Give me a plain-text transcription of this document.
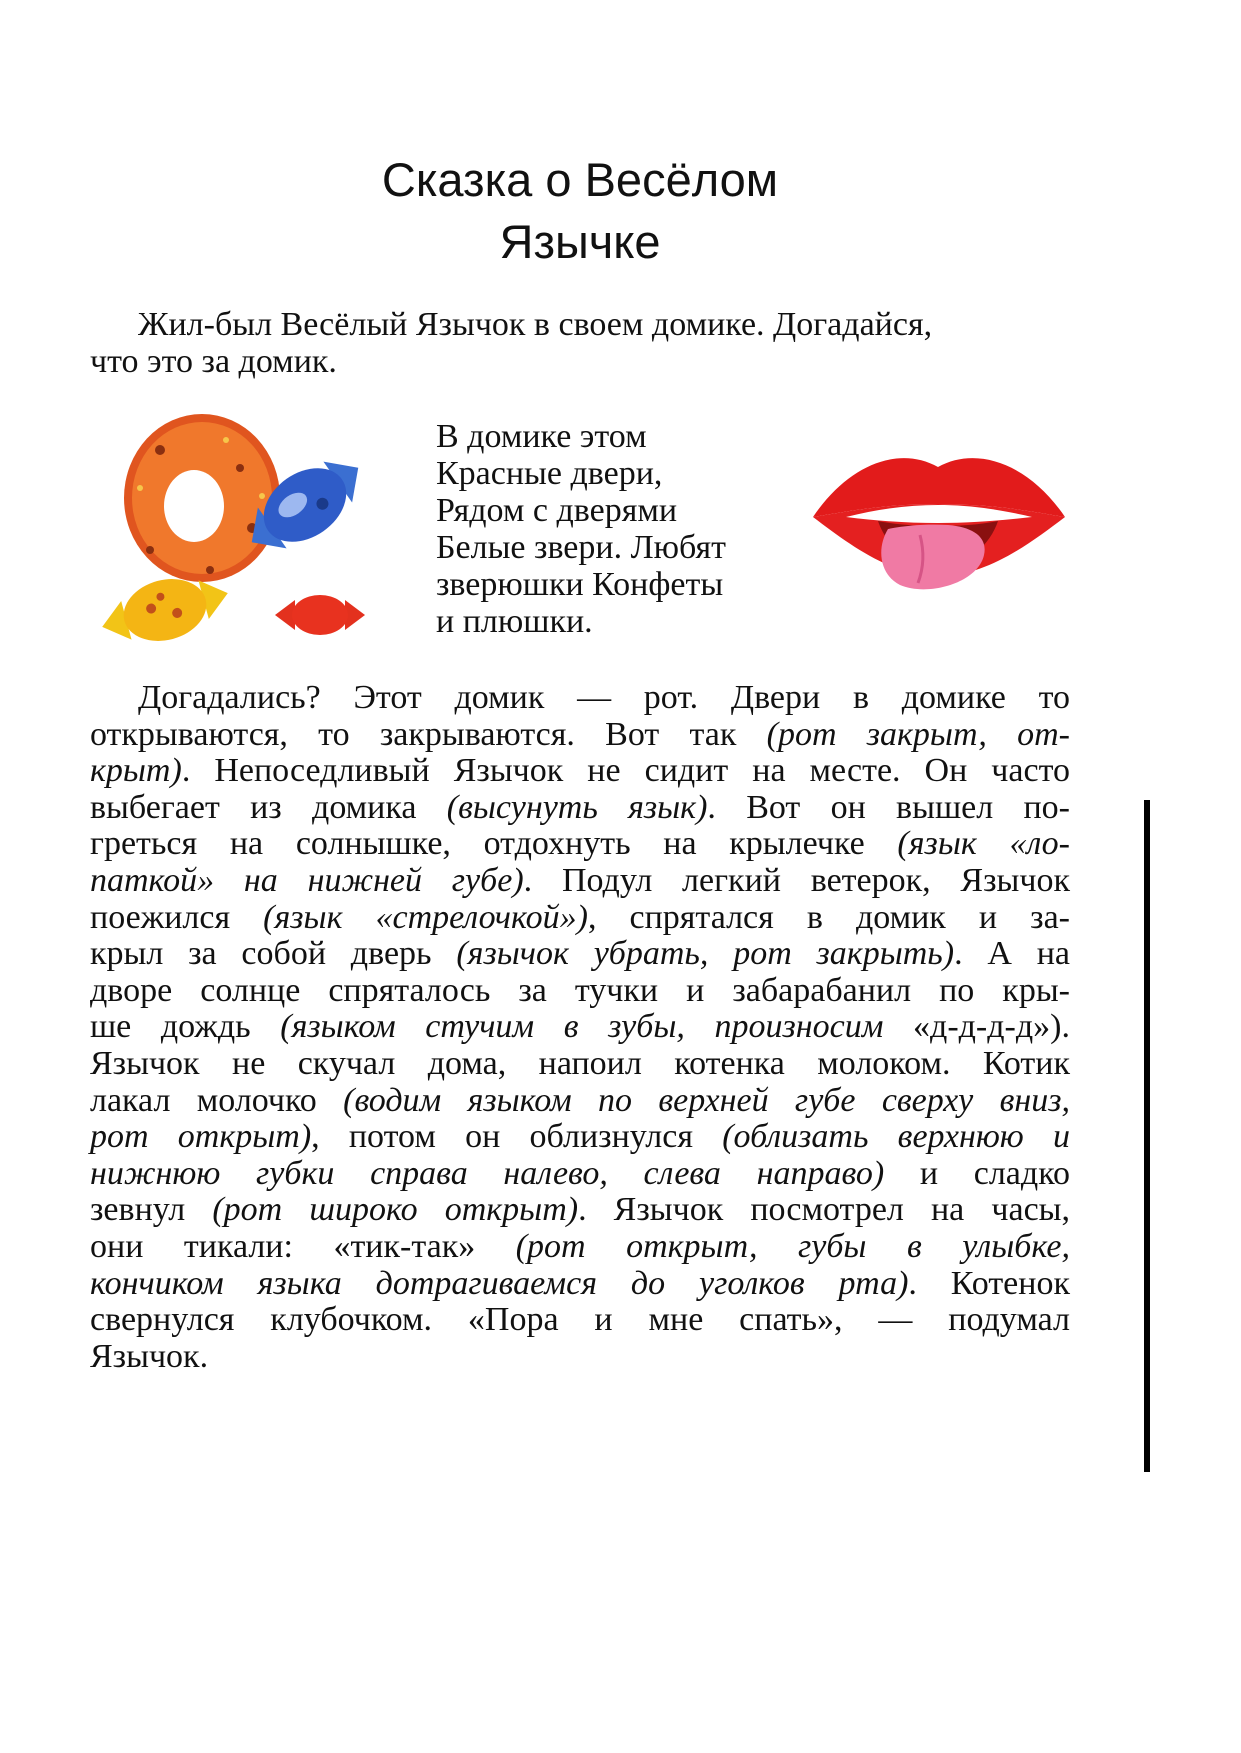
Сказка о Весёлом
Язычке
Жил-был Весёлый Язычок в своем домике. Догадайся,
что это за домик.
В домике этом
Красные двери,
Рядом с дверями
Белые звери. Любят
зверюшки Конфеты
и плюшки.
Догадались? Этот домик — рот. Двери в домике то
открываются, то закрываются. Вот так (рот закрыт, от-
крыт). Непоседливый Язычок не сидит на месте. Он часто
выбегает из домика (высунуть язык). Вот он вышел по-
греться на солнышке, отдохнуть на крылечке (язык «ло-
паткой» на нижней губе). Подул легкий ветерок, Язычок
поежился (язык «стрелочкой»), спрятался в домик и за-
крыл за собой дверь (язычок убрать, рот закрыть). А на
дворе солнце спряталось за тучки и забарабанил по кры-
ше дождь (языком стучим в зубы, произносим «д-д-д-д»).
Язычок не скучал дома, напоил котенка молоком. Котик
лакал молочко (водим языком по верхней губе сверху вниз,
рот открыт), потом он облизнулся (облизать верхнюю и
нижнюю губки справа налево, слева направо) и сладко
зевнул (рот широко открыт). Язычок посмотрел на часы,
они тикали: «тик-так» (рот открыт, губы в улыбке,
кончиком языка дотрагиваемся до уголков рта). Котенок
свернулся клубочком. «Пора и мне спать», — подумал
Язычок.
